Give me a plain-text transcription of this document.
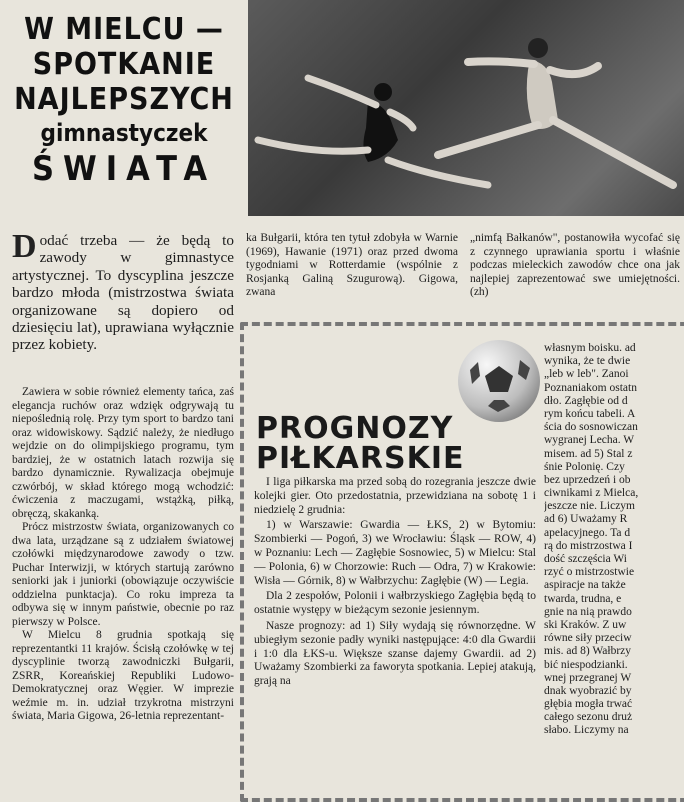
W MIELCU —
SPOTKANIE
NAJLEPSZYCH
gimnastyczek
ŚWIATA
Dodać trzeba — że będą to zawody w gimnastyce artystycznej. To dyscyplina jeszcze bardzo młoda (mistrzostwa świata organizowane są dopiero od dziesięciu lat), uprawiana wyłącznie przez kobiety.

Zawiera w sobie również elementy tańca, zaś elegancja ruchów oraz wdzięk odgrywają tu niepoślednią rolę. Przy tym sport to bardzo tani oraz widowiskowy. Sądzić należy, że niedługo wejdzie on do olimpijskiego programu, tym bardziej, że w ostatnich latach rozwija się bardzo dynamicznie. Rywalizacja obejmuje czwórbój, w skład którego mogą wchodzić: ćwiczenia z maczugami, wstążką, piłką, obręczą, skakanką.

Prócz mistrzostw świata, organizowanych co dwa lata, urządzane są z udziałem światowej czołówki międzynarodowe zawody o tzw. Puchar Interwizji, w których startują zarówno seniorki jak i juniorki (obowiązuje oczywiście oddzielna punktacja). Co roku impreza ta odbywa się w innym państwie, obecnie po raz pierwszy w Polsce.

W Mielcu 8 grudnia spotkają się reprezentantki 11 krajów. Ścisłą czołówkę w tej dyscyplinie tworzą zawodniczki Bułgarii, ZSRR, Koreańskiej Republiki Ludowo-Demokratycznej oraz Węgier. W imprezie weźmie m. in. udział trzykrotna mistrzyni świata, Maria Gigowa, 26-letnia reprezentant-

ka Bułgarii, która ten tytuł zdobyła w Warnie (1969), Hawanie (1971) oraz przed dwoma tygodniami w Rotterdamie (wspólnie z Rosjanką Galiną Szugurową). Gigowa, zwana

„nimfą Bałkanów", postanowiła wycofać się z czynnego uprawiania sportu i właśnie podczas mieleckich zawodów chce ona jak najlepiej zaprezentować swe umiejętności. (zh)

PROGNOZY
PIŁKARSKIE

I liga piłkarska ma przed sobą do rozegrania jeszcze dwie kolejki gier. Oto przedostatnia, przewidziana na sobotę 1 i niedzielę 2 grudnia:

1) w Warszawie: Gwardia — ŁKS, 2) w Bytomiu: Szombierki — Pogoń, 3) we Wrocławiu: Śląsk — ROW, 4) w Poznaniu: Lech — Zagłębie Sosnowiec, 5) w Mielcu: Stal — Polonia, 6) w Chorzowie: Ruch — Odra, 7) w Krakowie: Wisła — Górnik, 8) w Wałbrzychu: Zagłębie (W) — Legia.

Dla 2 zespołów, Polonii i wałbrzyskiego Zagłębia będą to ostatnie występy w bieżącym sezonie jesiennym.

Nasze prognozy: ad 1) Siły wydają się równorzędne. W ubiegłym sezonie padły wyniki następujące: 4:0 dla Gwardii i 1:0 dla ŁKS-u. Większe szanse dajemy Gwardii. ad 2) Uważamy Szombierki za faworyta spotkania. Lepiej atakują, grają na

własnym boisku. ad
wynika, że te dwie
„leb w leb". Zanoi
Poznaniakom ostatn
dło. Zagłębie od d
rym końcu tabeli. A
ścia do sosnowiczan
wygranej Lecha. W
misem. ad 5) Stal z
śnie Polonię. Czy
bez uprzedzeń i ob
ciwnikami z Mielca,
jeszcze nie. Liczym
ad 6) Uważamy R
apelacyjnego. Ta d
rą do mistrzostwa I
dość szczęścia Wi
rzyć o mistrzostwie
aspiracje na także
twarda, trudna, e
gnie na nią prawdo
ski Kraków. Z uw
równe siły przeciw
mis. ad 8) Wałbrzy
bić niespodzianki.
wnej przegranej W
dnak wyobrazić by
głębia mogła trwać
całego sezonu druż
słabo. Liczymy na
